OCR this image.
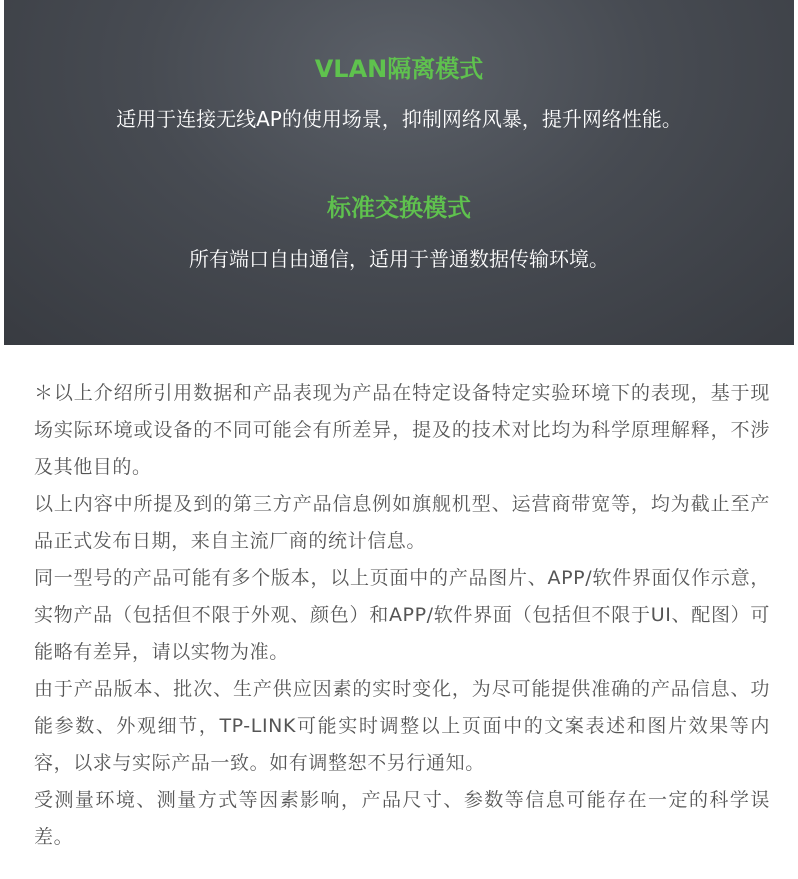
VLAN隔离模式
适用于连接无线AP的使用场景，抑制网络风暴，提升网络性能。
标准交换模式
所有端口自由通信，适用于普通数据传输环境。

＊以上介绍所引用数据和产品表现为产品在特定设备特定实验环境下的表现，基于现场实际环境或设备的不同可能会有所差异，提及的技术对比均为科学原理解释，不涉及其他目的。

以上内容中所提及到的第三方产品信息例如旗舰机型、运营商带宽等，均为截止至产品正式发布日期，来自主流厂商的统计信息。

同一型号的产品可能有多个版本，以上页面中的产品图片、APP/软件界面仅作示意，实物产品（包括但不限于外观、颜色）和APP/软件界面（包括但不限于UI、配图）可能略有差异，请以实物为准。

由于产品版本、批次、生产供应因素的实时变化，为尽可能提供准确的产品信息、功能参数、外观细节，TP-LINK可能实时调整以上页面中的文案表述和图片效果等内容，以求与实际产品一致。如有调整恕不另行通知。

受测量环境、测量方式等因素影响，产品尺寸、参数等信息可能存在一定的科学误差。
